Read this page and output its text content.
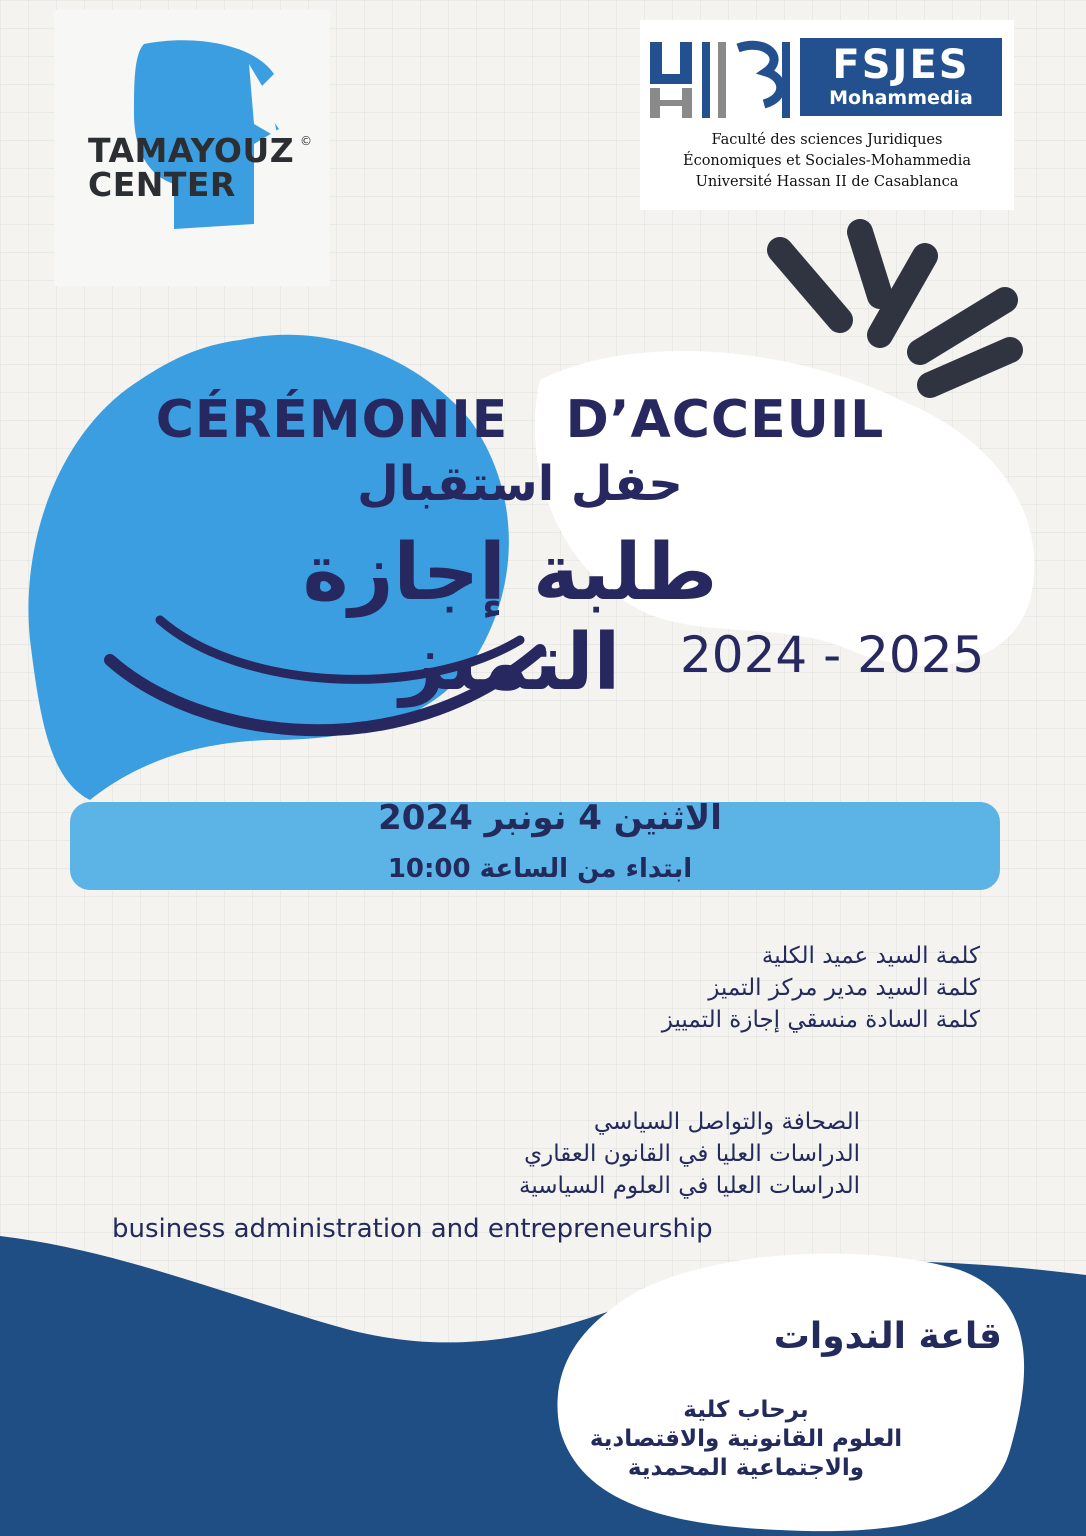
TAMAYOUZ
CENTER
©
FSJES
Mohammedia
Faculté des sciences Juridiques
Économiques et Sociales-Mohammedia
Université Hassan II de Casablanca
CÉRÉMONIE   D’ACCEUIL
حفل استقبال
طلبة إجازة التميز	2024 - 2025
الاثنين 4 نونبر 2024
ابتداء من الساعة 10:00
كلمة السيد عميد الكلية
كلمة السيد مدير مركز التميز
كلمة السادة منسقي إجازة التمييز
الصحافة والتواصل السياسي
الدراسات العليا في القانون العقاري
الدراسات العليا في العلوم السياسية
business administration and entrepreneurship
قاعة الندوات
برحاب كلية
العلوم القانونية والاقتصادية
والاجتماعية المحمدية
